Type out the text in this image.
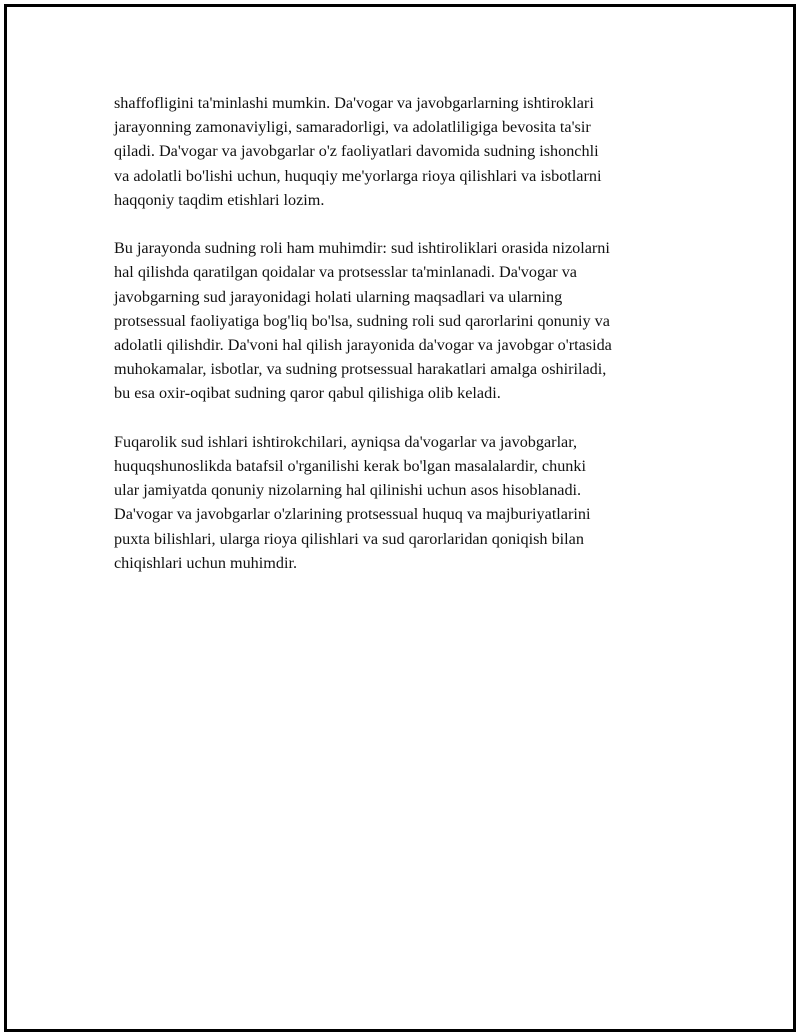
shaffofligini ta'minlashi mumkin. Da'vogar va javobgarlarning ishtiroklari
jarayonning zamonaviyligi, samaradorligi, va adolatliligiga bevosita ta'sir
qiladi. Da'vogar va javobgarlar o'z faoliyatlari davomida sudning ishonchli
va adolatli bo'lishi uchun, huquqiy me'yorlarga rioya qilishlari va isbotlarni
haqqoniy taqdim etishlari lozim.

Bu jarayonda sudning roli ham muhimdir: sud ishtiroliklari orasida nizolarni
hal qilishda qaratilgan qoidalar va protsesslar ta'minlanadi. Da'vogar va
javobgarning sud jarayonidagi holati ularning maqsadlari va ularning
protsessual faoliyatiga bog'liq bo'lsa, sudning roli sud qarorlarini qonuniy va
adolatli qilishdir. Da'voni hal qilish jarayonida da'vogar va javobgar o'rtasida
muhokamalar, isbotlar, va sudning protsessual harakatlari amalga oshiriladi,
bu esa oxir-oqibat sudning qaror qabul qilishiga olib keladi.

Fuqarolik sud ishlari ishtirokchilari, ayniqsa da'vogarlar va javobgarlar,
huquqshunoslikda batafsil o'rganilishi kerak bo'lgan masalalardir, chunki
ular jamiyatda qonuniy nizolarning hal qilinishi uchun asos hisoblanadi.
Da'vogar va javobgarlar o'zlarining protsessual huquq va majburiyatlarini
puxta bilishlari, ularga rioya qilishlari va sud qarorlaridan qoniqish bilan
chiqishlari uchun muhimdir.
